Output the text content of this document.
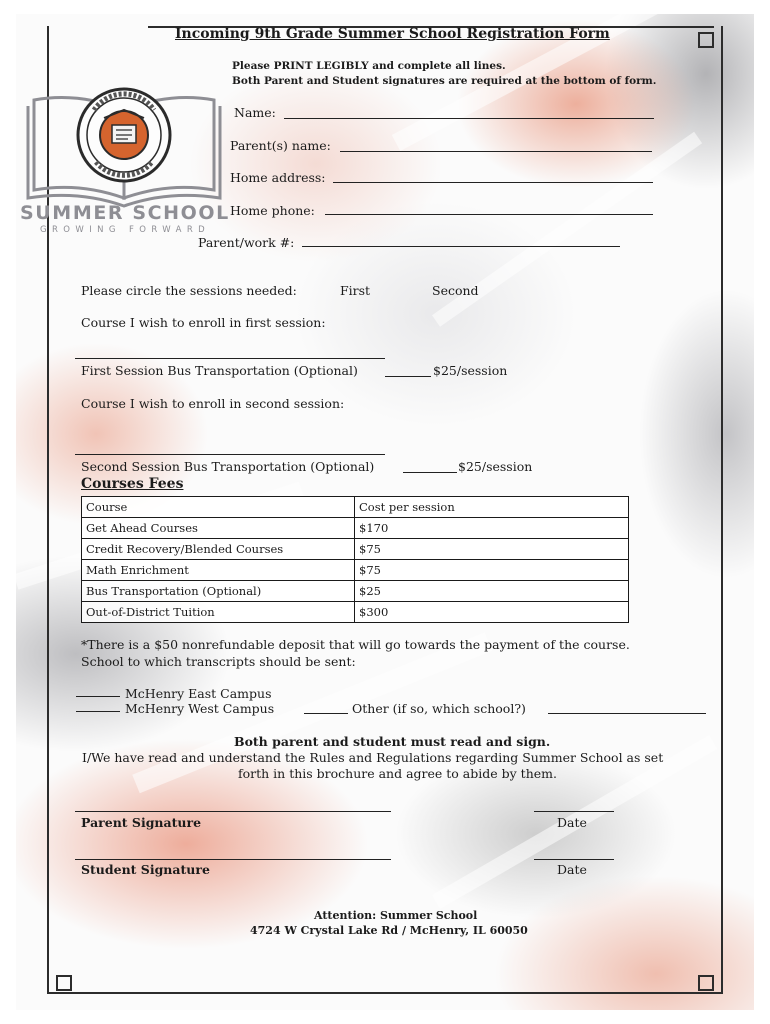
Incoming 9th Grade Summer School Registration Form
Please PRINT LEGIBLY and complete all lines.
Both Parent and Student signatures are required at the bottom of form.
SUMMER SCHOOL
GROWING FORWARD
Name:
Parent(s) name:
Home address:
Home phone:
Parent/work #:
Please circle the sessions needed:	First	Second
Course I wish to enroll in first session:
First Session Bus Transportation (Optional)	$25/session
Course I wish to enroll in second session:
Second Session Bus Transportation (Optional)	$25/session
Courses Fees
Course	Cost per session
Get Ahead Courses	$170
Credit Recovery/Blended Courses	$75
Math Enrichment	$75
Bus Transportation (Optional)	$25
Out-of-District Tuition	$300
*There is a $50 nonrefundable deposit that will go towards the payment of the course.
School to which transcripts should be sent:
McHenry East Campus
McHenry West Campus	Other (if so, which school?)
Both parent and student must read and sign.
I/We have read and understand the Rules and Regulations regarding Summer School as set
forth in this brochure and agree to abide by them.
Parent Signature	Date
Student Signature	Date
Attention: Summer School
4724 W Crystal Lake Rd / McHenry, IL 60050
